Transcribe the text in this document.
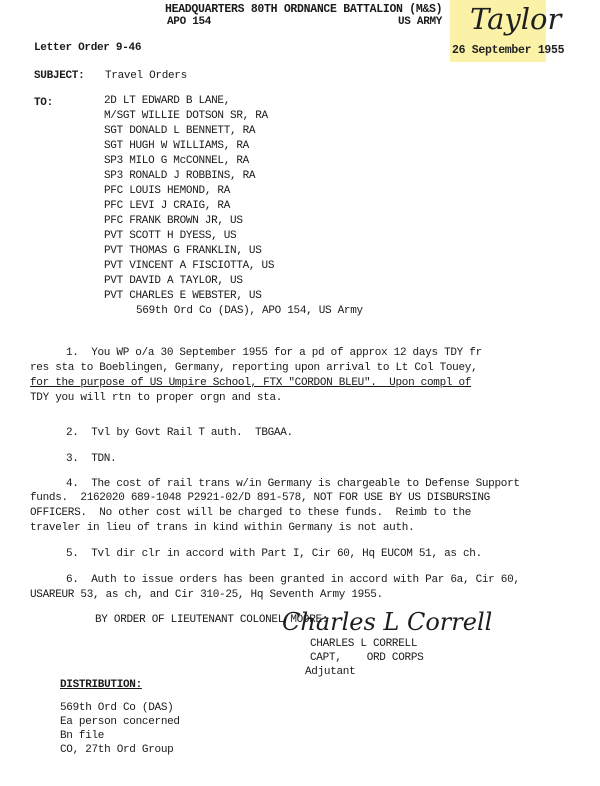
HEADQUARTERS 80TH ORDNANCE BATTALION (M&S)
APO 154	US ARMY Taylor
26 September 1955
Letter Order 9-46
SUBJECT: Travel Orders
TO:	2D LT EDWARD B LANE,
M/SGT WILLIE DOTSON SR, RA
SGT DONALD L BENNETT, RA
SGT HUGH W WILLIAMS, RA
SP3 MILO G McCONNEL, RA
SP3 RONALD J ROBBINS, RA
PFC LOUIS HEMOND, RA
PFC LEVI J CRAIG, RA
PFC FRANK BROWN JR, US
PVT SCOTT H DYESS, US
PVT THOMAS G FRANKLIN, US
PVT VINCENT A FISCIOTTA, US
PVT DAVID A TAYLOR, US
PVT CHARLES E WEBSTER, US
569th Ord Co (DAS), APO 154, US Army
1.  You WP o/a 30 September 1955 for a pd of approx 12 days TDY fr
res sta to Boeblingen, Germany, reporting upon arrival to Lt Col Touey,
for the purpose of US Umpire School, FTX "CORDON BLEU".  Upon compl of
TDY you will rtn to proper orgn and sta.
2.  Tvl by Govt Rail T auth.  TBGAA.
3.  TDN.
4.  The cost of rail trans w/in Germany is chargeable to Defense Support
funds.  2162020 689-1048 P2921-02/D 891-578, NOT FOR USE BY US DISBURSING
OFFICERS.  No other cost will be charged to these funds.  Reimb to the
traveler in lieu of trans in kind within Germany is not auth.
5.  Tvl dir clr in accord with Part I, Cir 60, Hq EUCOM 51, as ch.
6.  Auth to issue orders has been granted in accord with Par 6a, Cir 60,
USAREUR 53, as ch, and Cir 310-25, Hq Seventh Army 1955.
BY ORDER OF LIEUTENANT COLONEL MOORE:
Charles L Correll
CHARLES L CORRELL
CAPT,    ORD CORPS
Adjutant
DISTRIBUTION:
569th Ord Co (DAS)
Ea person concerned
Bn file
CO, 27th Ord Group
